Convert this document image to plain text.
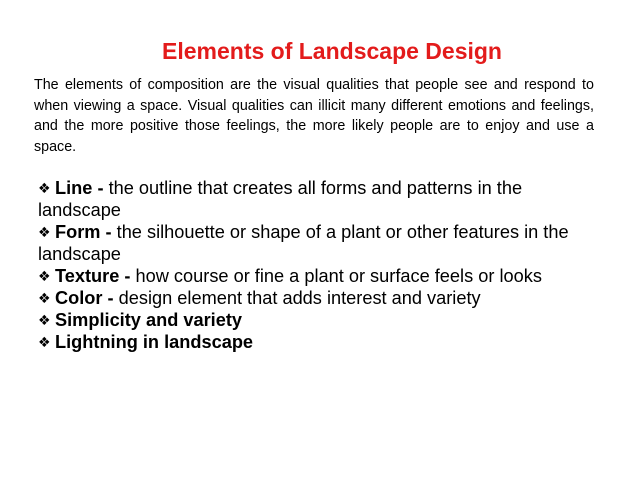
Elements of Landscape Design

The elements of composition are the visual qualities that people see and respond to when viewing a space. Visual qualities can illicit many different emotions and feelings, and the more positive those feelings, the more likely people are to enjoy and use a space.

❖ Line - the outline that creates all forms and patterns in the landscape
❖ Form - the silhouette or shape of a plant or other features in the landscape
❖ Texture - how course or fine a plant or surface feels or looks
❖ Color - design element that adds interest and variety
❖ Simplicity and variety
❖ Lightning in landscape
